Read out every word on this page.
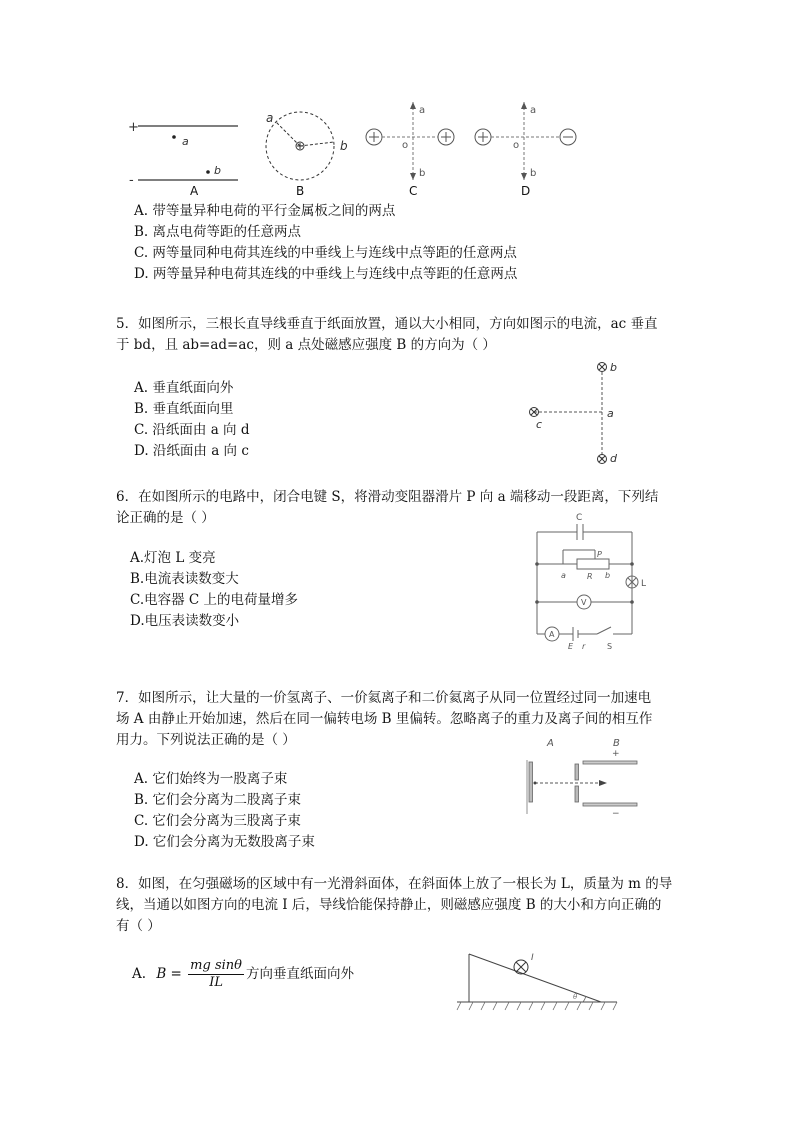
+
-
a
b
a
b
a
o
b
a
o
b
A	B	C	D
A. 带等量异种电荷的平行金属板之间的两点
B. 离点电荷等距的任意两点
C. 两等量同种电荷其连线的中垂线上与连线中点等距的任意两点
D. 两等量异种电荷其连线的中垂线上与连线中点等距的任意两点
5．如图所示，三根长直导线垂直于纸面放置，通以大小相同，方向如图示的电流，ac 垂直
于 bd，且 ab=ad=ac，则 a 点处磁感应强度 B 的方向为（ ）
A. 垂直纸面向外
B. 垂直纸面向里
C. 沿纸面由 a 向 d
D. 沿纸面由 a 向 c
b
a
c
d
6．在如图所示的电路中，闭合电键 S，将滑动变阻器滑片 P 向 a 端移动一段距离，下列结
论正确的是（ ）
A.灯泡 L 变亮
B.电流表读数变大
C.电容器 C 上的电荷量增多
D.电压表读数变小
C
P
a	R b
L
V
A
E r	S
7．如图所示，让大量的一价氢离子、一价氦离子和二价氦离子从同一位置经过同一加速电
场 A 由静止开始加速，然后在同一偏转电场 B 里偏转。忽略离子的重力及离子间的相互作
用力。下列说法正确的是（ ）
A. 它们始终为一股离子束
B. 它们会分离为二股离子束
C. 它们会分离为三股离子束
D. 它们会分离为无数股离子束
A	B
+
−
8．如图，在匀强磁场的区域中有一光滑斜面体，在斜面体上放了一根长为 L，质量为 m 的导
线，当通以如图方向的电流 I 后，导线恰能保持静止，则磁感应强度 B 的大小和方向正确的
有（ ）
A. $B = \frac{\text{mg sinθ}}{IL}$ 方向垂直纸面向外
I
θ
